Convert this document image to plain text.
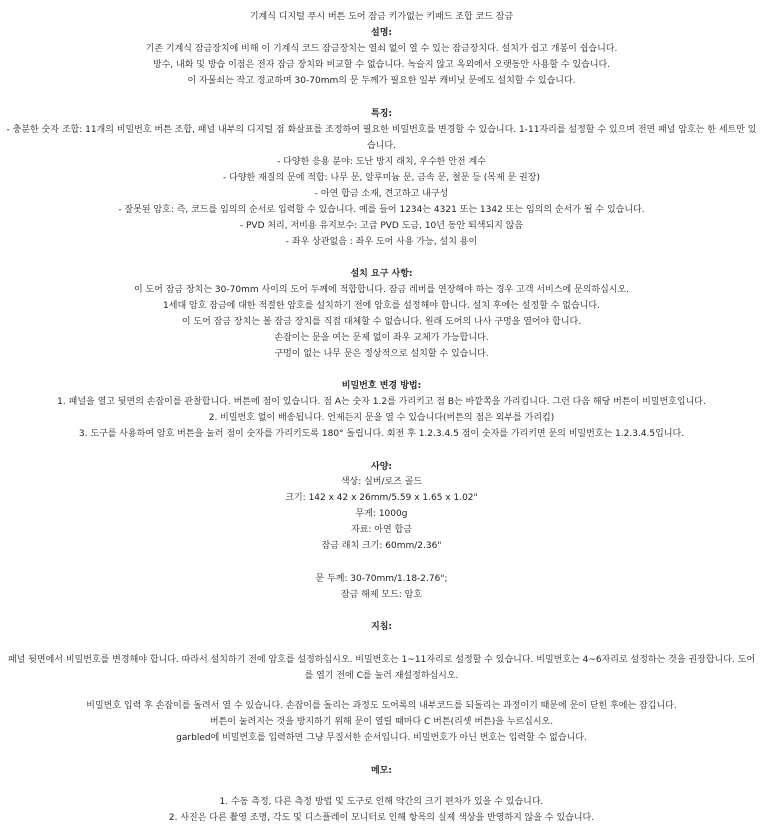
기계식 디지털 푸시 버튼 도어 잠금 키가없는 키패드 조합 코드 잠금
설명:
기존 기계식 잠금장치에 비해 이 기계식 코드 잠금장치는 열쇠 없이 열 수 있는 잠금장치다. 설치가 쉽고 개봉이 쉽습니다.
방수, 내화 및 방습 이점은 전자 잠금 장치와 비교할 수 없습니다. 녹슬지 않고 옥외에서 오랫동안 사용할 수 있습니다.
이 자물쇠는 작고 정교하며 30-70mm의 문 두께가 필요한 일부 캐비닛 문에도 설치할 수 있습니다.
특징:
- 충분한 숫자 조합: 11개의 비밀번호 버튼 조합, 패널 내부의 디지털 점 화살표를 조정하여 필요한 비밀번호를 변경할 수 있습니다. 1-11자리를 설정할 수 있으며 전면 패널 암호는 한 세트만 있습니다.
- 다양한 응용 분야: 도난 방지 래치, 우수한 안전 계수
- 다양한 재질의 문에 적합: 나무 문, 알루미늄 문, 금속 문, 철문 등 (목제 문 권장)
- 아연 합금 소재, 견고하고 내구성
- 잘못된 암호: 즉, 코드를 임의의 순서로 입력할 수 있습니다. 예를 들어 1234는 4321 또는 1342 또는 임의의 순서가 될 수 있습니다.
- PVD 처리, 저비용 유지보수: 고급 PVD 도금, 10년 동안 퇴색되지 않음
- 좌우 상관없음 : 좌우 도어 사용 가능, 설치 용이
설치 요구 사항:
이 도어 잠금 장치는 30-70mm 사이의 도어 두께에 적합합니다. 잠금 레버를 연장해야 하는 경우 고객 서비스에 문의하십시오.
1세대 암호 잠금에 대한 적절한 암호를 설치하기 전에 암호를 설정해야 합니다. 설치 후에는 설정할 수 없습니다.
이 도어 잠금 장치는 볼 잠금 장치를 직접 대체할 수 없습니다. 원래 도어의 나사 구멍을 열어야 합니다.
손잡이는 문을 여는 문제 없이 좌우 교체가 가능합니다.
구멍이 없는 나무 문은 정상적으로 설치할 수 있습니다.
비밀번호 변경 방법:
1. 패널을 열고 뒷면의 손잡이를 관찰합니다. 버튼에 점이 있습니다. 점 A는 숫자 1.2를 가리키고 점 B는 바깥쪽을 가리킵니다. 그런 다음 해당 버튼이 비밀번호입니다.
2. 비밀번호 없이 배송됩니다. 언제든지 문을 열 수 있습니다(버튼의 점은 외부를 가리킴)
3. 도구를 사용하여 암호 버튼을 눌러 점이 숫자를 가리키도록 180° 돌립니다. 회전 후 1.2.3.4.5 점이 숫자를 가리키면 문의 비밀번호는 1.2.3.4.5입니다.
사양:
색상: 실버/로즈 골드
크기: 142 x 42 x 26mm/5.59 x 1.65 x 1.02"
무게: 1000g
자료: 아연 합금
잠금 래치 크기: 60mm/2.36"
문 두께: 30-70mm/1.18-2.76";
잠금 해제 모드: 암호
지침:
패널 뒷면에서 비밀번호를 변경해야 합니다. 따라서 설치하기 전에 암호를 설정하십시오. 비밀번호는 1~11자리로 설정할 수 있습니다. 비밀번호는 4~6자리로 설정하는 것을 권장합니다. 도어를 열기 전에 C를 눌러 재설정하십시오.
비밀번호 입력 후 손잡이를 돌려서 열 수 있습니다. 손잡이를 돌리는 과정도 도어록의 내부코드를 되돌리는 과정이기 때문에 문이 닫힌 후에는 잠깁니다.
버튼이 눌려지는 것을 방지하기 위해 문이 열릴 때마다 C 버튼(리셋 버튼)을 누르십시오.
garbled에 비밀번호를 입력하면 그냥 무질서한 순서입니다. 비밀번호가 아닌 번호는 입력할 수 없습니다.
메모:
1. 수동 측정, 다른 측정 방법 및 도구로 인해 약간의 크기 편차가 있을 수 있습니다.
2. 사진은 다른 촬영 조명, 각도 및 디스플레이 모니터로 인해 항목의 실제 색상을 반영하지 않을 수 있습니다.
